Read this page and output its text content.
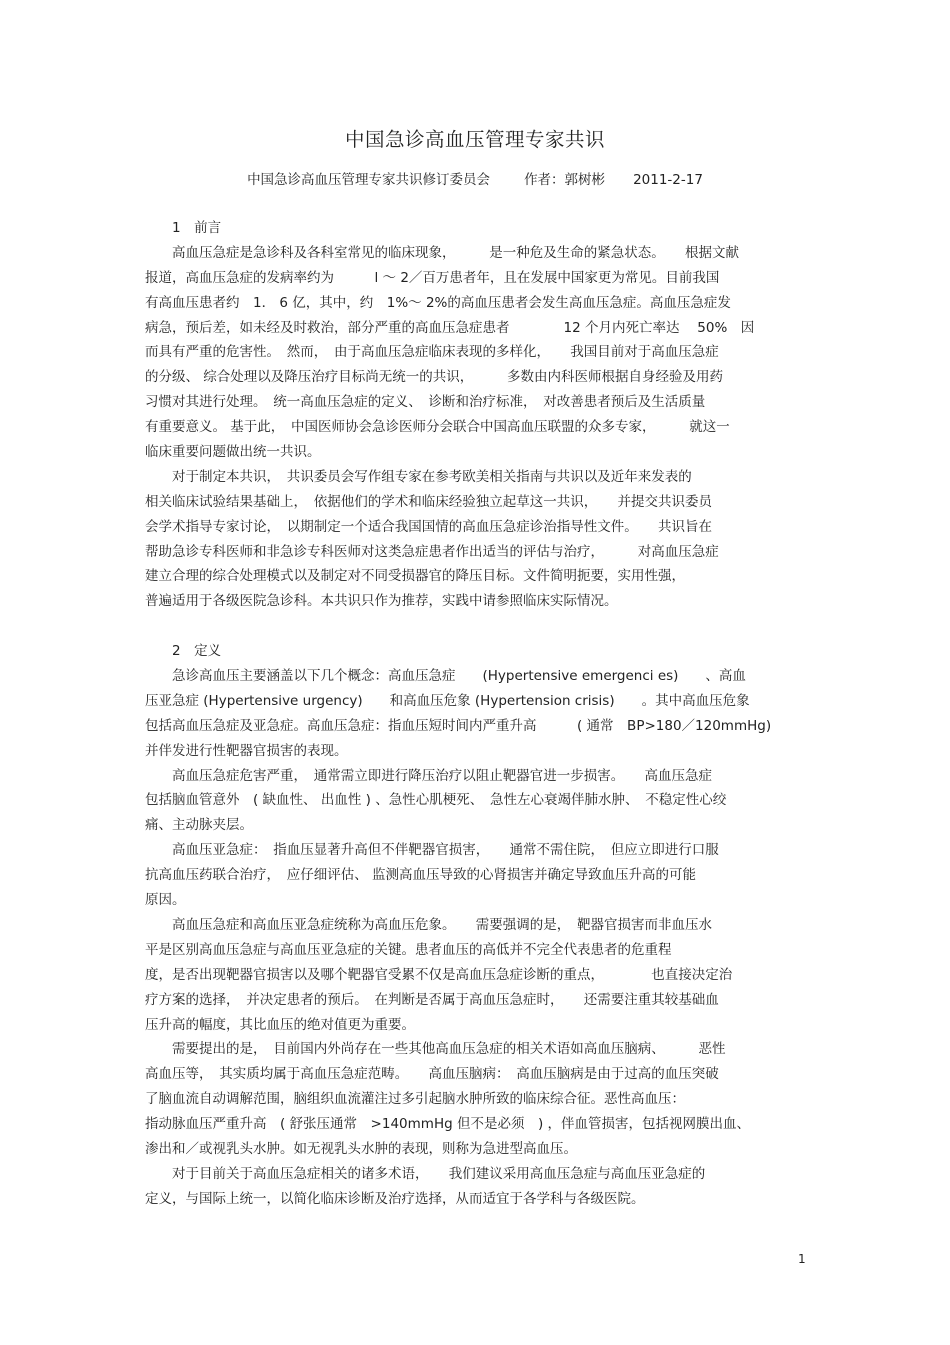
中国急诊高血压管理专家共识
中国急诊高血压管理专家共识修订委员会	作者：郭树彬 2011-2-17
　　1　前言
　　高血压急症是急诊科及各科室常见的临床现象，　　　是一种危及生命的紧急状态。　　根据文献
报道，高血压急症的发病率约为　　　l ～ 2／百万患者年，且在发展中国家更为常见。目前我国
有高血压患者约　1． 6 亿，其中，约　1%～ 2%的高血压患者会发生高血压急症。高血压急症发
病急，预后差，如未经及时救治，部分严重的高血压急症患者　　　　12 个月内死亡率达　 50%　因
而具有严重的危害性。　然而，　由于高血压急症临床表现的多样化，　　我国目前对于高血压急症
的分级、 综合处理以及降压治疗目标尚无统一的共识，　　　多数由内科医师根据自身经验及用药
习惯对其进行处理。　统一高血压急症的定义、　诊断和治疗标准，　对改善患者预后及生活质量
有重要意义。 基于此，　中国医师协会急诊医师分会联合中国高血压联盟的众多专家，　　　就这一
临床重要问题做出统一共识。
　　对于制定本共识，　共识委员会写作组专家在参考欧美相关指南与共识以及近年来发表的
相关临床试验结果基础上，　依据他们的学术和临床经验独立起草这一共识，　　并提交共识委员
会学术指导专家讨论，　以期制定一个适合我国国情的高血压急症诊治指导性文件。　　共识旨在
帮助急诊专科医师和非急诊专科医师对这类急症患者作出适当的评估与治疗，　　　对高血压急症
建立合理的综合处理模式以及制定对不同受损器官的降压目标。文件简明扼要，实用性强，
普遍适用于各级医院急诊科。本共识只作为推荐，实践中请参照临床实际情况。
　　2　定义
　　急诊高血压主要涵盖以下几个概念：高血压急症　　(Hypertensive emergenci es)　　、高血
压亚急症 (Hypertensive urgency)　　和高血压危象 (Hypertension crisis)　　。其中高血压危象
包括高血压急症及亚急症。高血压急症：指血压短时间内严重升高　　　( 通常　BP>180／120mmHg)
并伴发进行性靶器官损害的表现。
　　高血压急症危害严重，　通常需立即进行降压治疗以阻止靶器官进一步损害。　　高血压急症
包括脑血管意外　( 缺血性、 出血性 ) 、急性心肌梗死、　急性左心衰竭伴肺水肿、　不稳定性心绞
痛、主动脉夹层。
　　高血压亚急症：　指血压显著升高但不伴靶器官损害，　　通常不需住院，　但应立即进行口服
抗高血压药联合治疗，　应仔细评估、 监测高血压导致的心肾损害并确定导致血压升高的可能
原因。
　　高血压急症和高血压亚急症统称为高血压危象。　　需要强调的是，　靶器官损害而非血压水
平是区别高血压急症与高血压亚急症的关键。患者血压的高低并不完全代表患者的危重程
度，是否出现靶器官损害以及哪个靶器官受累不仅是高血压急症诊断的重点，　　　　也直接决定治
疗方案的选择，　并决定患者的预后。　在判断是否属于高血压急症时，　　还需要注重其较基础血
压升高的幅度，其比血压的绝对值更为重要。
　　需要提出的是，　目前国内外尚存在一些其他高血压急症的相关术语如高血压脑病、　　　恶性
高血压等，　其实质均属于高血压急症范畴。　　高血压脑病：　高血压脑病是由于过高的血压突破
了脑血流自动调解范围，脑组织血流灌注过多引起脑水肿所致的临床综合征。恶性高血压：
指动脉血压严重升高　( 舒张压通常　>140mmHg 但不是必须　) ，伴血管损害，包括视网膜出血、
渗出和／或视乳头水肿。如无视乳头水肿的表现，则称为急进型高血压。
　　对于目前关于高血压急症相关的诸多术语，　　我们建议采用高血压急症与高血压亚急症的
定义，与国际上统一，以简化临床诊断及治疗选择，从而适宜于各学科与各级医院。
1
